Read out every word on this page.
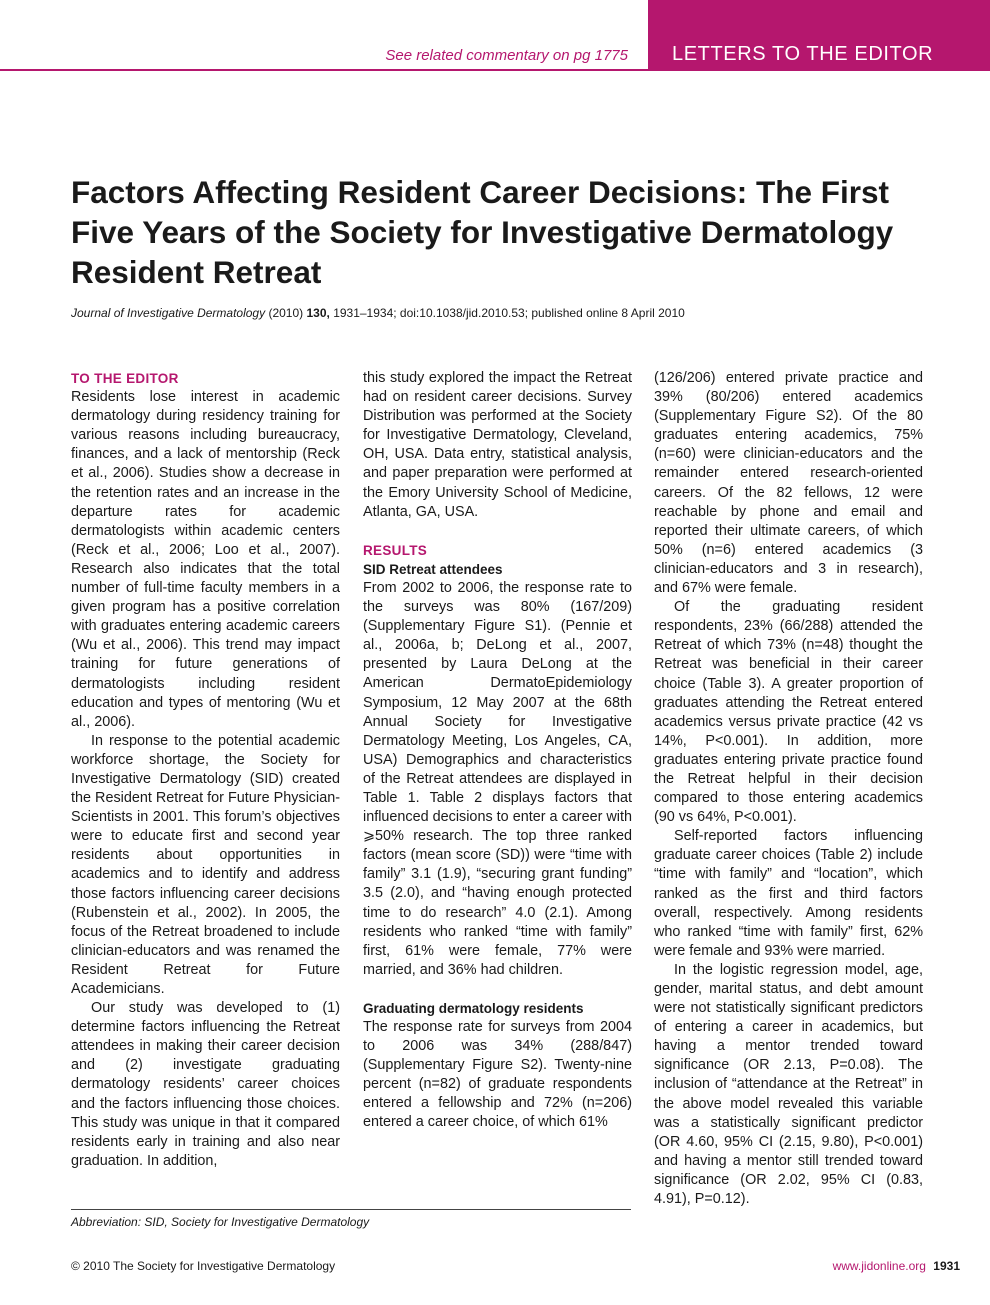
LETTERS TO THE EDITOR
See related commentary on pg 1775
Factors Affecting Resident Career Decisions: The First Five Years of the Society for Investigative Dermatology Resident Retreat
Journal of Investigative Dermatology (2010) 130, 1931–1934; doi:10.1038/jid.2010.53; published online 8 April 2010

TO THE EDITOR

Residents lose interest in academic dermatology during residency training for various reasons including bureaucracy, finances, and a lack of mentorship (Reck et al., 2006). Studies show a decrease in the retention rates and an increase in the departure rates for academic dermatologists within academic centers (Reck et al., 2006; Loo et al., 2007). Research also indicates that the total number of full-time faculty members in a given program has a positive correlation with graduates entering academic careers (Wu et al., 2006). This trend may impact training for future generations of dermatologists including resident education and types of mentoring (Wu et al., 2006).

In response to the potential academic workforce shortage, the Society for Investigative Dermatology (SID) created the Resident Retreat for Future Physician-Scientists in 2001. This forum’s objectives were to educate first and second year residents about opportunities in academics and to identify and address those factors influencing career decisions (Rubenstein et al., 2002). In 2005, the focus of the Retreat broadened to include clinician-educators and was renamed the Resident Retreat for Future Academicians.

Our study was developed to (1) determine factors influencing the Retreat attendees in making their career decision and (2) investigate graduating dermatology residents’ career choices and the factors influencing those choices. This study was unique in that it compared residents early in training and also near graduation. In addition,

this study explored the impact the Retreat had on resident career decisions. Survey Distribution was performed at the Society for Investigative Dermatology, Cleveland, OH, USA. Data entry, statistical analysis, and paper preparation were performed at the Emory University School of Medicine, Atlanta, GA, USA.

RESULTS

SID Retreat attendees

From 2002 to 2006, the response rate to the surveys was 80% (167/209) (Supplementary Figure S1). (Pennie et al., 2006a, b; DeLong et al., 2007, presented by Laura DeLong at the American DermatoEpidemiology Symposium, 12 May 2007 at the 68th Annual Society for Investigative Dermatology Meeting, Los Angeles, CA, USA) Demographics and characteristics of the Retreat attendees are displayed in Table 1. Table 2 displays factors that influenced decisions to enter a career with ⩾50% research. The top three ranked factors (mean score (SD)) were “time with family” 3.1 (1.9), “securing grant funding” 3.5 (2.0), and “having enough protected time to do research” 4.0 (2.1). Among residents who ranked “time with family” first, 61% were female, 77% were married, and 36% had children.

Graduating dermatology residents

The response rate for surveys from 2004 to 2006 was 34% (288/847) (Supplementary Figure S2). Twenty-nine percent (n=82) of graduate respondents entered a fellowship and 72% (n=206) entered a career choice, of which 61%

(126/206) entered private practice and 39% (80/206) entered academics (Supplementary Figure S2). Of the 80 graduates entering academics, 75% (n=60) were clinician-educators and the remainder entered research-oriented careers. Of the 82 fellows, 12 were reachable by phone and email and reported their ultimate careers, of which 50% (n=6) entered academics (3 clinician-educators and 3 in research), and 67% were female.

Of the graduating resident respondents, 23% (66/288) attended the Retreat of which 73% (n=48) thought the Retreat was beneficial in their career choice (Table 3). A greater proportion of graduates attending the Retreat entered academics versus private practice (42 vs 14%, P<0.001). In addition, more graduates entering private practice found the Retreat helpful in their decision compared to those entering academics (90 vs 64%, P<0.001).

Self-reported factors influencing graduate career choices (Table 2) include “time with family” and “location”, which ranked as the first and third factors overall, respectively. Among residents who ranked “time with family” first, 62% were female and 93% were married.

In the logistic regression model, age, gender, marital status, and debt amount were not statistically significant predictors of entering a career in academics, but having a mentor trended toward significance (OR 2.13, P=0.08). The inclusion of “attendance at the Retreat” in the above model revealed this variable was a statistically significant predictor (OR 4.60, 95% CI (2.15, 9.80), P<0.001) and having a mentor still trended toward significance (OR 2.02, 95% CI (0.83, 4.91), P=0.12).

Abbreviation: SID, Society for Investigative Dermatology
© 2010 The Society for Investigative Dermatology	www.jidonline.org 1931
